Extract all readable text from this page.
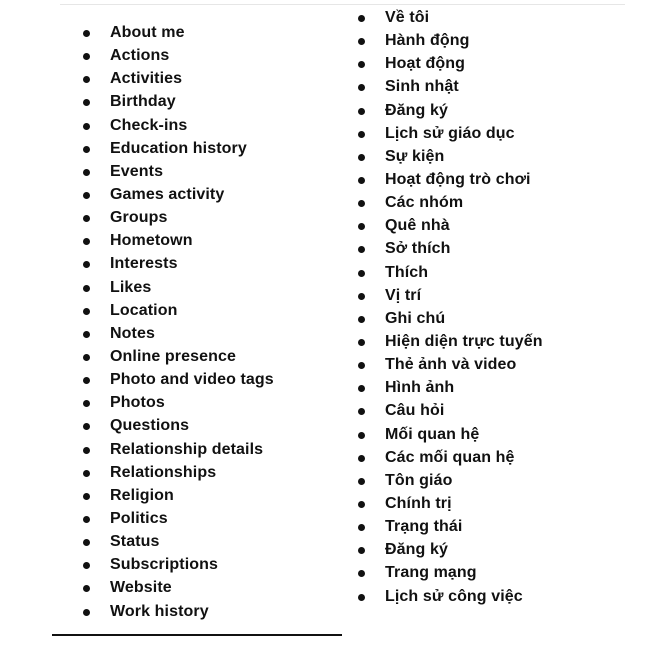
About me
Actions
Activities
Birthday
Check-ins
Education history
Events
Games activity
Groups
Hometown
Interests
Likes
Location
Notes
Online presence
Photo and video tags
Photos
Questions
Relationship details
Relationships
Religion
Politics
Status
Subscriptions
Website
Work history
Về tôi
Hành động
Hoạt động
Sinh nhật
Đăng ký
Lịch sử giáo dục
Sự kiện
Hoạt động trò chơi
Các nhóm
Quê nhà
Sở thích
Thích
Vị trí
Ghi chú
Hiện diện trực tuyến
Thẻ ảnh và video
Hình ảnh
Câu hỏi
Mối quan hệ
Các mối quan hệ
Tôn giáo
Chính trị
Trạng thái
Đăng ký
Trang mạng
Lịch sử công việc
